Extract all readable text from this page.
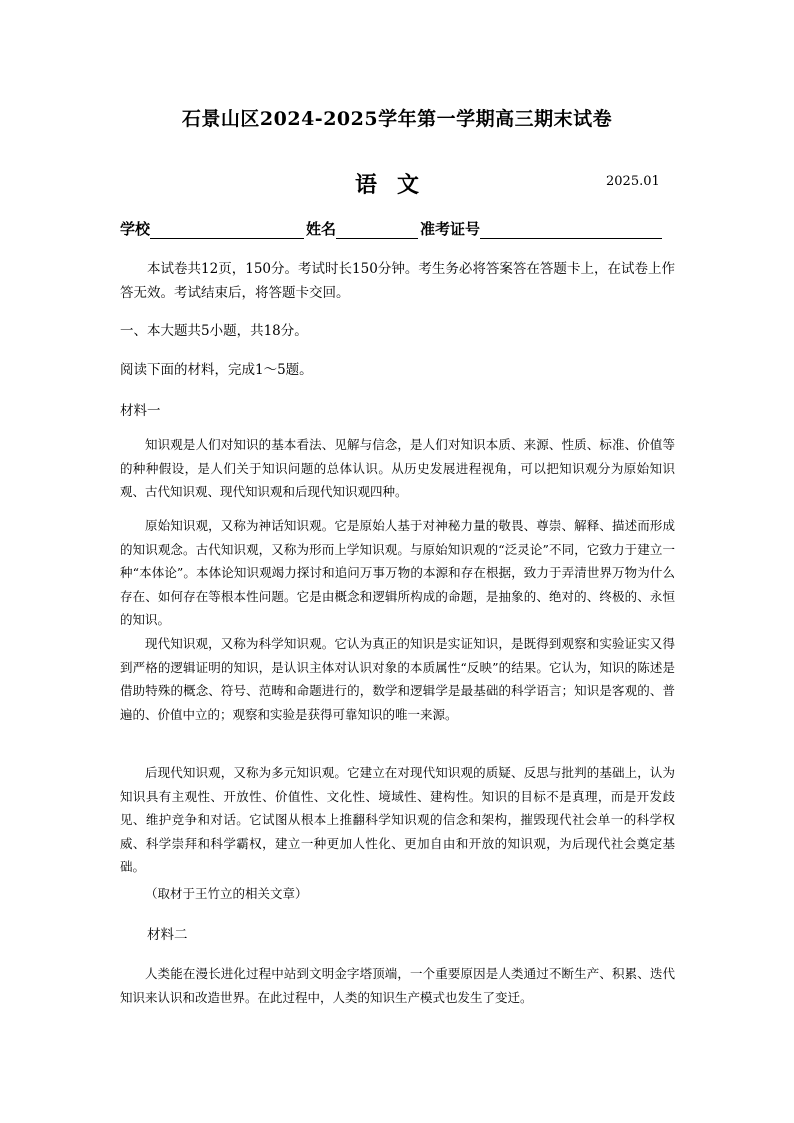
石景山区2024-2025学年第一学期高三期末试卷
语文	2025.01
学校	姓名	准考证号
本试卷共12页，150分。考试时长150分钟。考生务必将答案答在答题卡上，在试卷上作答无效。考试结束后，将答题卡交回。
一、本大题共5小题，共18分。
阅读下面的材料，完成1～5题。
材料一
知识观是人们对知识的基本看法、见解与信念，是人们对知识本质、来源、性质、标准、价值等的种种假设，是人们关于知识问题的总体认识。从历史发展进程视角，可以把知识观分为原始知识观、古代知识观、现代知识观和后现代知识观四种。
原始知识观，又称为神话知识观。它是原始人基于对神秘力量的敬畏、尊崇、解释、描述而形成的知识观念。古代知识观，又称为形而上学知识观。与原始知识观的“泛灵论”不同，它致力于建立一种“本体论”。本体论知识观竭力探讨和追问万事万物的本源和存在根据，致力于弄清世界万物为什么存在、如何存在等根本性问题。它是由概念和逻辑所构成的命题，是抽象的、绝对的、终极的、永恒的知识。
现代知识观，又称为科学知识观。它认为真正的知识是实证知识，是既得到观察和实验证实又得到严格的逻辑证明的知识，是认识主体对认识对象的本质属性“反映”的结果。它认为，知识的陈述是借助特殊的概念、符号、范畴和命题进行的，数学和逻辑学是最基础的科学语言；知识是客观的、普遍的、价值中立的；观察和实验是获得可靠知识的唯一来源。
后现代知识观，又称为多元知识观。它建立在对现代知识观的质疑、反思与批判的基础上，认为知识具有主观性、开放性、价值性、文化性、境域性、建构性。知识的目标不是真理，而是开发歧见、维护竞争和对话。它试图从根本上推翻科学知识观的信念和架构，摧毁现代社会单一的科学权威、科学崇拜和科学霸权，建立一种更加人性化、更加自由和开放的知识观，为后现代社会奠定基础。
（取材于王竹立的相关文章）
材料二
人类能在漫长进化过程中站到文明金字塔顶端，一个重要原因是人类通过不断生产、积累、迭代知识来认识和改造世界。在此过程中，人类的知识生产模式也发生了变迁。
